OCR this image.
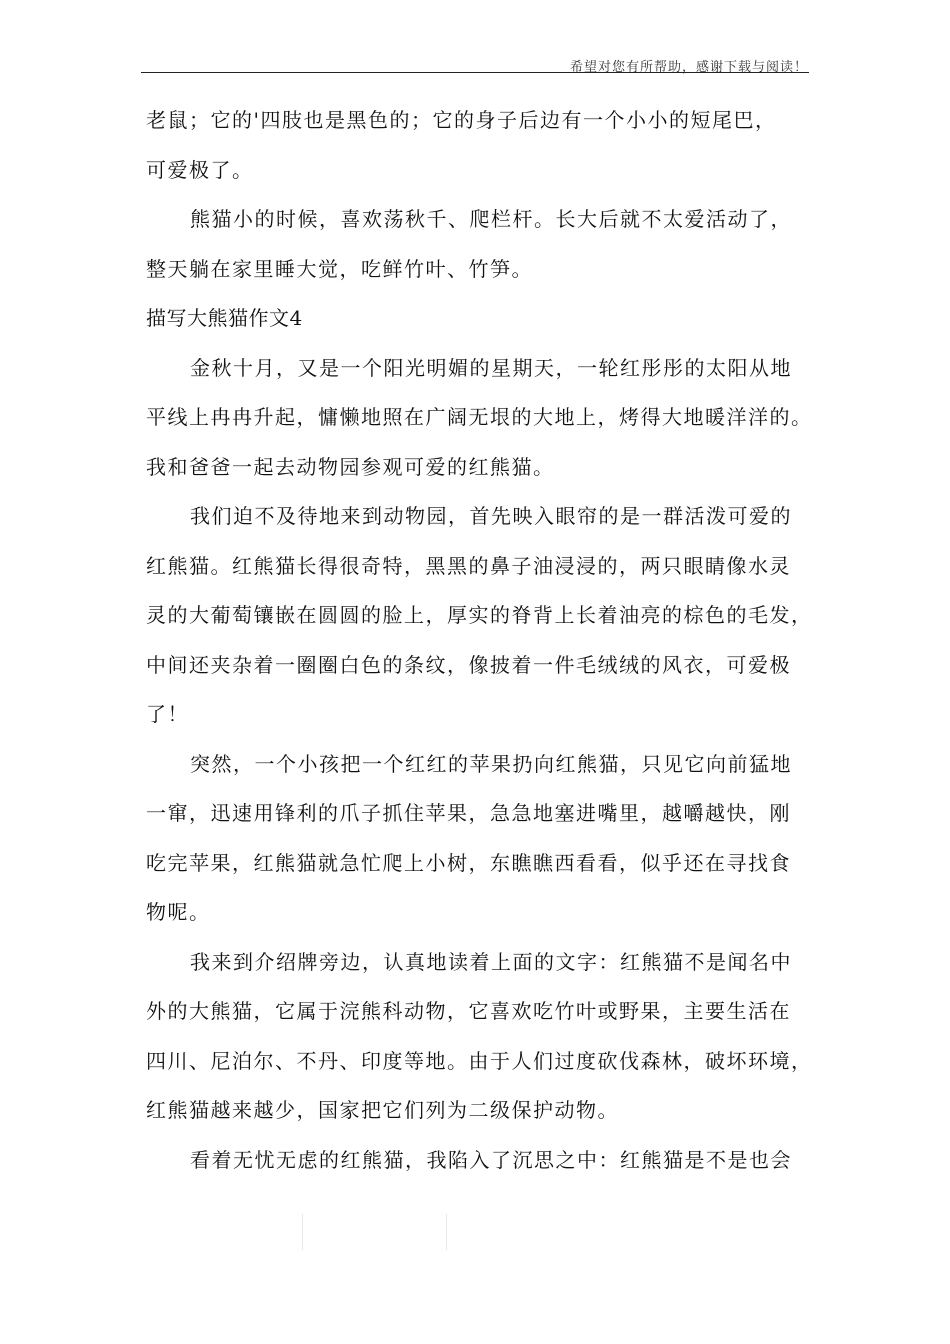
希望对您有所帮助，感谢下载与阅读！
老鼠；它的'四肢也是黑色的；它的身子后边有一个小小的短尾巴，
可爱极了。
熊猫小的时候，喜欢荡秋千、爬栏杆。长大后就不太爱活动了，
整天躺在家里睡大觉，吃鲜竹叶、竹笋。
描写大熊猫作文4
金秋十月，又是一个阳光明媚的星期天，一轮红彤彤的太阳从地
平线上冉冉升起，慵懒地照在广阔无垠的大地上，烤得大地暖洋洋的。
我和爸爸一起去动物园参观可爱的红熊猫。
我们迫不及待地来到动物园，首先映入眼帘的是一群活泼可爱的
红熊猫。红熊猫长得很奇特，黑黑的鼻子油浸浸的，两只眼睛像水灵
灵的大葡萄镶嵌在圆圆的脸上，厚实的脊背上长着油亮的棕色的毛发，
中间还夹杂着一圈圈白色的条纹，像披着一件毛绒绒的风衣，可爱极
了！
突然，一个小孩把一个红红的苹果扔向红熊猫，只见它向前猛地
一窜，迅速用锋利的爪子抓住苹果，急急地塞进嘴里，越嚼越快，刚
吃完苹果，红熊猫就急忙爬上小树，东瞧瞧西看看，似乎还在寻找食
物呢。
我来到介绍牌旁边，认真地读着上面的文字：红熊猫不是闻名中
外的大熊猫，它属于浣熊科动物，它喜欢吃竹叶或野果，主要生活在
四川、尼泊尔、不丹、印度等地。由于人们过度砍伐森林，破坏环境，
红熊猫越来越少，国家把它们列为二级保护动物。
看着无忧无虑的红熊猫，我陷入了沉思之中：红熊猫是不是也会
